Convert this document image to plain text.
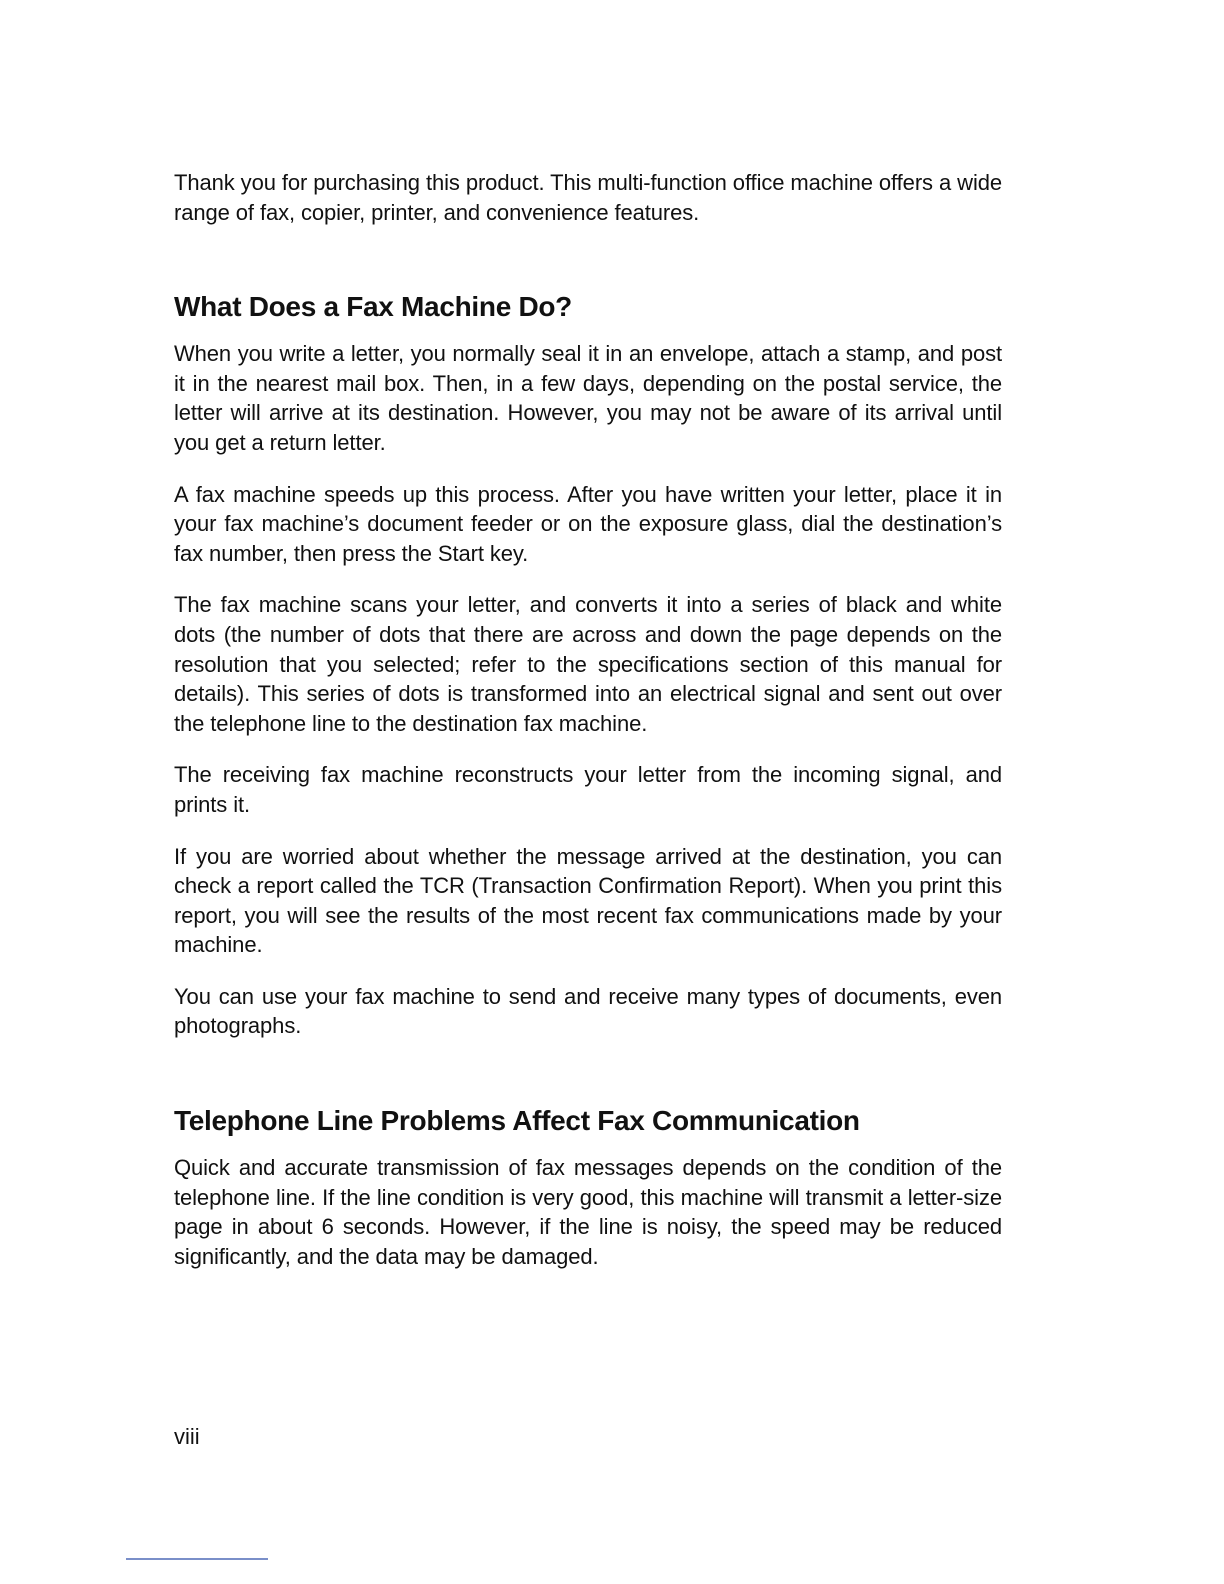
Thank you for purchasing this product. This multi-function office machine offers a wide range of fax, copier, printer, and convenience features.

What Does a Fax Machine Do?

When you write a letter, you normally seal it in an envelope, attach a stamp, and post it in the nearest mail box. Then, in a few days, depending on the postal service, the letter will arrive at its destination. However, you may not be aware of its arrival until you get a return letter.

A fax machine speeds up this process. After you have written your letter, place it in your fax machine’s document feeder or on the exposure glass, dial the destination’s fax number, then press the Start key.

The fax machine scans your letter, and converts it into a series of black and white dots (the number of dots that there are across and down the page depends on the resolution that you selected; refer to the specifications section of this manual for details). This series of dots is transformed into an electrical signal and sent out over the telephone line to the destination fax machine.

The receiving fax machine reconstructs your letter from the incoming signal, and prints it.

If you are worried about whether the message arrived at the destination, you can check a report called the TCR (Transaction Confirmation Report). When you print this report, you will see the results of the most recent fax communications made by your machine.

You can use your fax machine to send and receive many types of documents, even photographs.

Telephone Line Problems Affect Fax Communication

Quick and accurate transmission of fax messages depends on the condition of the telephone line. If the line condition is very good, this machine will transmit a letter-size page in about 6 seconds. However, if the line is noisy, the speed may be reduced significantly, and the data may be damaged.

viii
